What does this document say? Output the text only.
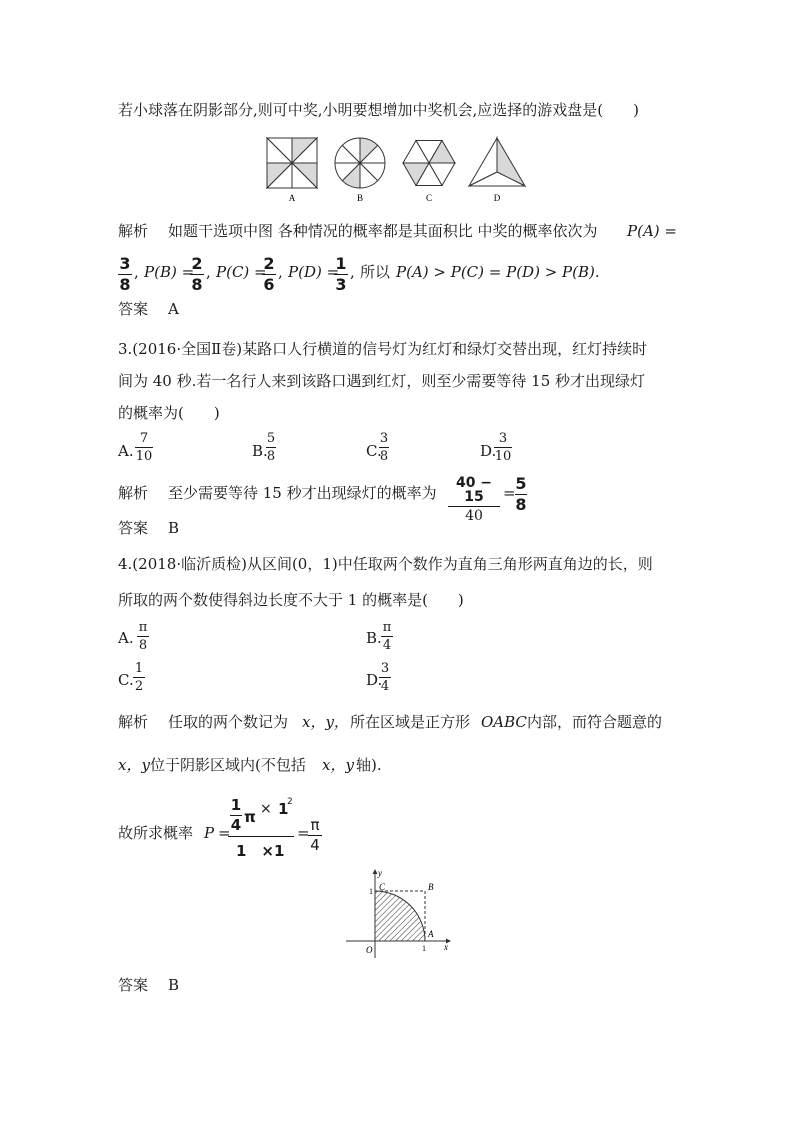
若小球落在阴影部分,则可中奖,小明要想增加中奖机会,应选择的游戏盘是(　　)
A	B	C	D
解析 如题干选项中图 各种情况的概率都是其面积比 中奖的概率依次为 P(A) =
3
8
, P(B) =
2
8
, P(C) =
2
6
, P(D) =
1
3
, 所以 P(A) > P(C) = P(D) > P(B).
答案 A
3.(2016·全国Ⅱ卷)某路口人行横道的信号灯为红灯和绿灯交替出现，红灯持续时
间为 40 秒.若一名行人来到该路口遇到红灯，则至少需要等待 15 秒才出现绿灯
的概率为(　　)
A.
7
10	B.
5
8	C.
3
8	D.
3
10
解析 至少需要等待 15 秒才出现绿灯的概率为
40 − 15
40
= 5
8
答案 B
4.(2018·临沂质检)从区间(0，1)中任取两个数作为直角三角形两直角边的长，则
所取的两个数使得斜边长度不大于 1 的概率是(　　)
A.
π
8	B.
π
4
C.
1
2	D.
3
4
解析 任取的两个数记为 x，y， 所在区域是正方形 OABC 内部，而符合题意的
x，y 位于阴影区域内(不包括 x，y 轴).
故所求概率 P =
1
4 π × 1
2
1　×1
= π
4
y
x
O
C	B
A
1
1
答案 B
